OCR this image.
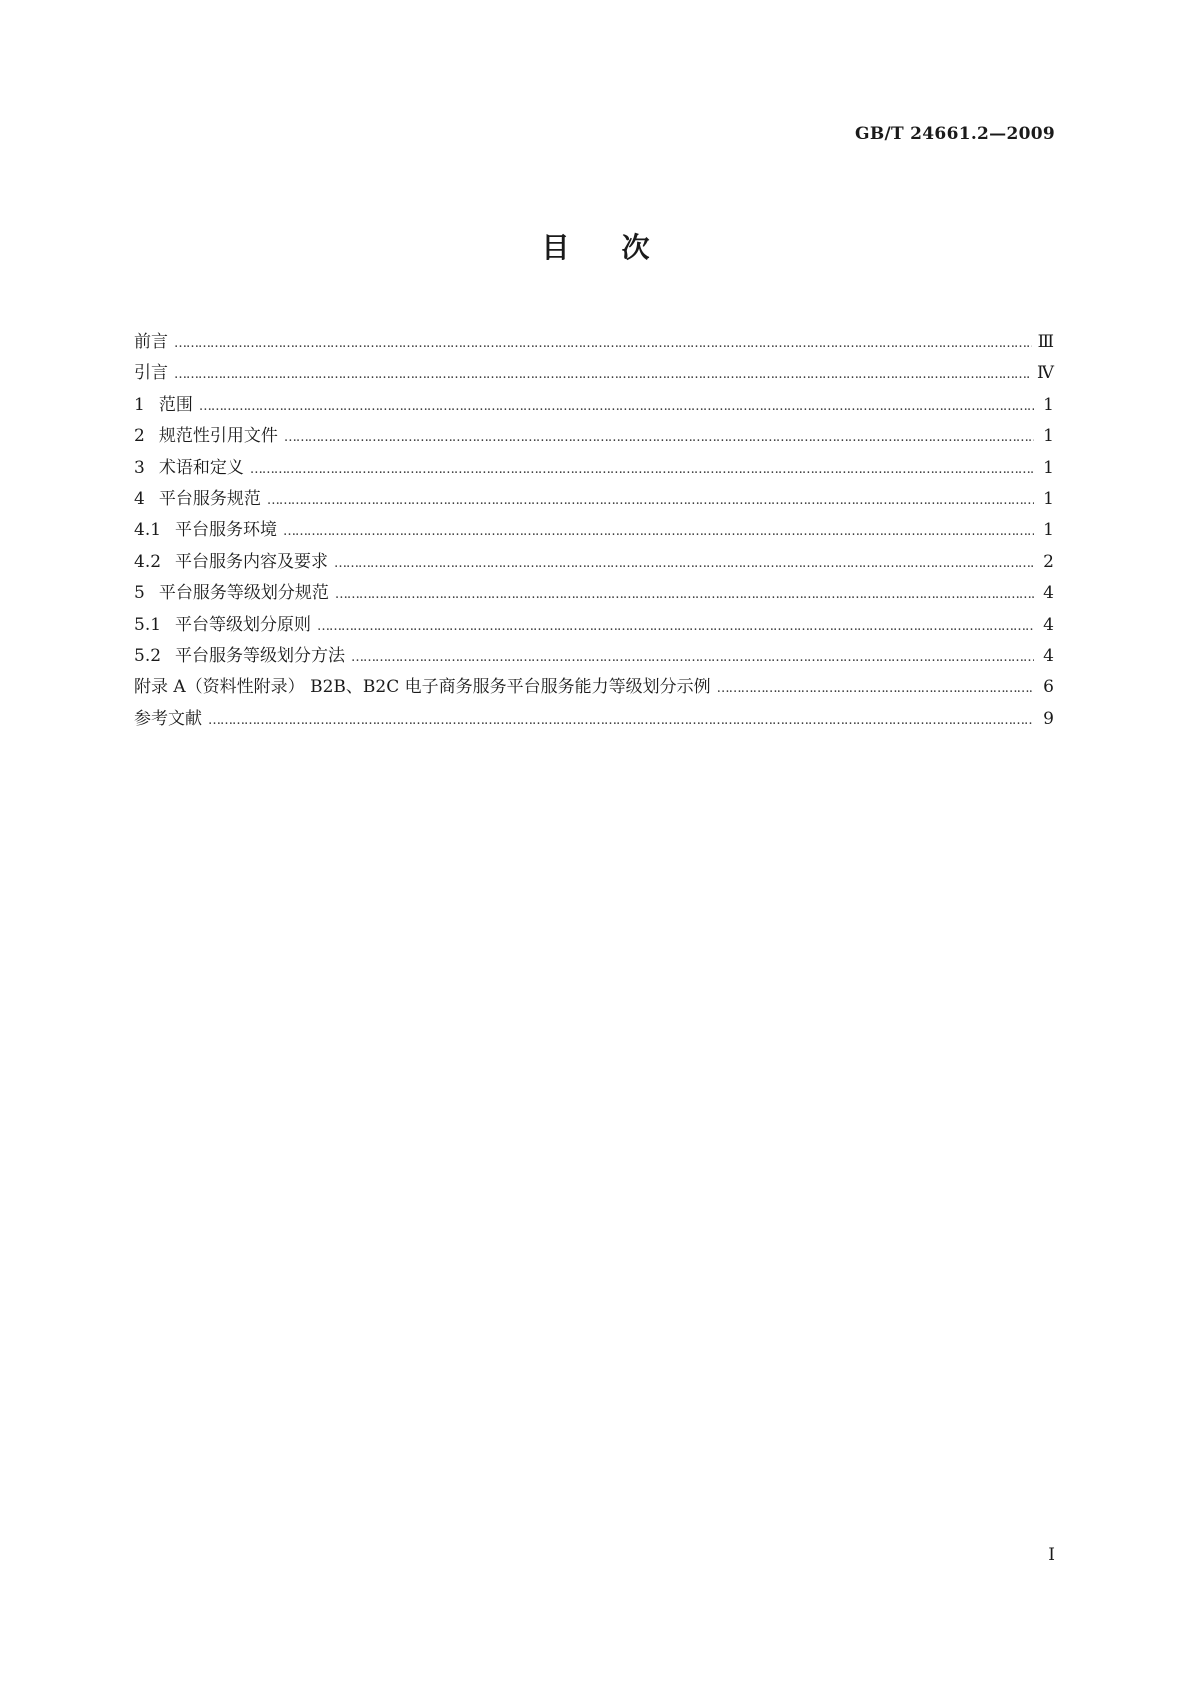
GB/T 24661.2—2009
目次
前言 ………………………………………………………………………………………………………………………………………………………………………………………………………………………………………………	Ⅲ
引言 ………………………………………………………………………………………………………………………………………………………………………………………………………………………………………………	Ⅳ
1 范围 ………………………………………………………………………………………………………………………………………………………………………………………………………………………………………………	1
2 规范性引用文件 ………………………………………………………………………………………………………………………………………………………………………………………………………………………………………………	1
3 术语和定义 ………………………………………………………………………………………………………………………………………………………………………………………………………………………………………………	1
4 平台服务规范 ………………………………………………………………………………………………………………………………………………………………………………………………………………………………………………	1
4.1 平台服务环境 ………………………………………………………………………………………………………………………………………………………………………………………………………………………………………………	1
4.2 平台服务内容及要求 ………………………………………………………………………………………………………………………………………………………………………………………………………………………………………………	2
5 平台服务等级划分规范 ………………………………………………………………………………………………………………………………………………………………………………………………………………………………………………	4
5.1 平台等级划分原则 ………………………………………………………………………………………………………………………………………………………………………………………………………………………………………………	4
5.2 平台服务等级划分方法 ………………………………………………………………………………………………………………………………………………………………………………………………………………………………………………	4
附录 A（资料性附录） B2B、B2C 电子商务服务平台服务能力等级划分示例 ………………………………………………………………………………………………………………………………………………………………………………………………………………………………………………	6
参考文献 ………………………………………………………………………………………………………………………………………………………………………………………………………………………………………………	9
I
